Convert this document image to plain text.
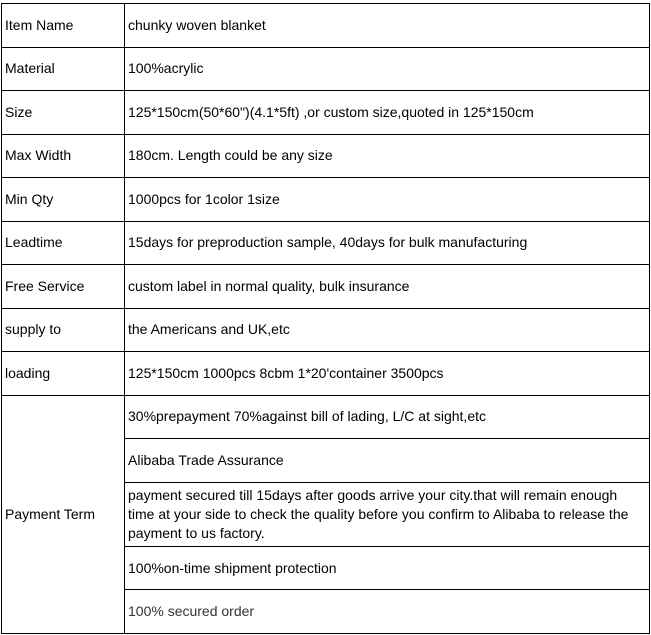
Item Name	chunky woven blanket
Material	100%acrylic
Size	125*150cm(50*60")(4.1*5ft) ,or custom size,quoted in 125*150cm
Max Width	180cm. Length could be any size
Min Qty	1000pcs for 1color 1size
Leadtime	15days for preproduction sample, 40days for bulk manufacturing
Free Service	custom label in normal quality, bulk insurance
supply to	the Americans and UK,etc
loading	125*150cm 1000pcs 8cbm 1*20'container 3500pcs
Payment Term	30%prepayment 70%against bill of lading, L/C at sight,etc
	Alibaba Trade Assurance
	payment secured till 15days after goods arrive your city.that will remain enough time at your side to check the quality before you confirm to Alibaba to release the payment to us factory.
	100%on-time shipment protection
	100% secured order
